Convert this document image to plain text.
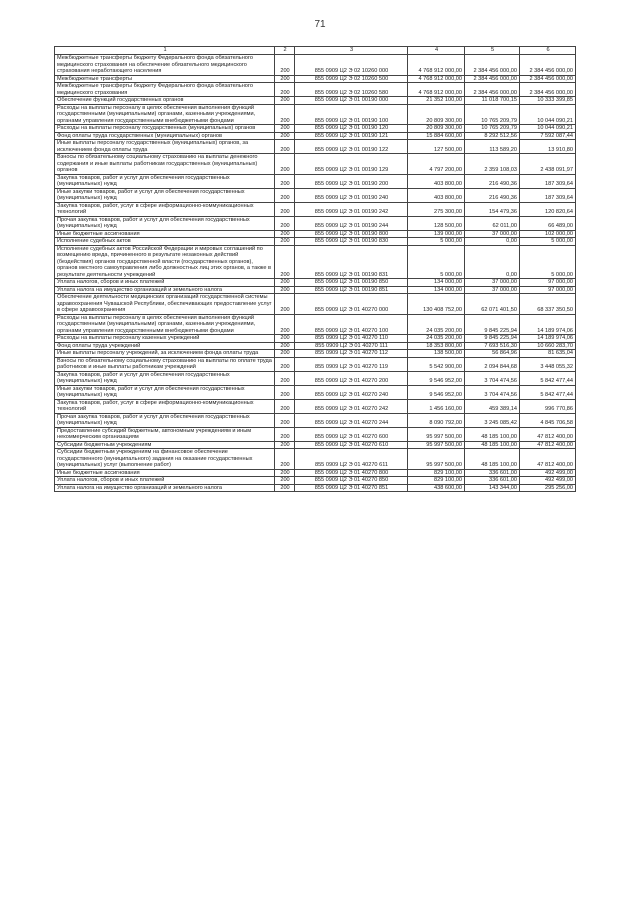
71
1	2	3	4	5	6
Межбюджетные трансферты бюджету Федерального фонда обязательного медицинского страхования на обеспечение обязательного медицинского страхования неработающего населения	200	855 0909 Ц2 Э 02 10260 000	4 768 912 000,00	2 384 456 000,00	2 384 456 000,00
Межбюджетные трансферты	200	855 0909 Ц2 Э 02 10260 500	4 768 912 000,00	2 384 456 000,00	2 384 456 000,00
Межбюджетные трансферты бюджету Федерального фонда обязательного медицинского страхования	200	855 0909 Ц2 Э 02 10260 580	4 768 912 000,00	2 384 456 000,00	2 384 456 000,00
Обеспечение функций государственных органов	200	855 0909 Ц2 Э 01 00190 000	21 352 100,00	11 018 700,15	10 333 399,85
Расходы на выплаты персоналу в целях обеспечения выполнения функций государственными (муниципальными) органами, казенными учреждениями, органами управления государственными внебюджетными фондами	200	855 0909 Ц2 Э 01 00190 100	20 809 300,00	10 765 209,79	10 044 090,21
Расходы на выплаты персоналу государственных (муниципальных) органов	200	855 0909 Ц2 Э 01 00190 120	20 809 300,00	10 765 209,79	10 044 090,21
Фонд оплаты труда государственных (муниципальных) органов	200	855 0909 Ц2 Э 01 00190 121	15 884 600,00	8 292 512,56	7 592 087,44
Иные выплаты персоналу государственных (муниципальных) органов, за исключением фонда оплаты труда	200	855 0909 Ц2 Э 01 00190 122	127 500,00	113 589,20	13 910,80
Взносы по обязательному социальному страхованию на выплаты денежного содержания и иные выплаты работникам государственных (муниципальных) органов	200	855 0909 Ц2 Э 01 00190 129	4 797 200,00	2 359 108,03	2 438 091,97
Закупка товаров, работ и услуг для обеспечения государственных (муниципальных) нужд	200	855 0909 Ц2 Э 01 00190 200	403 800,00	216 490,36	187 309,64
Иные закупки товаров, работ и услуг для обеспечения государственных (муниципальных) нужд	200	855 0909 Ц2 Э 01 00190 240	403 800,00	216 490,36	187 309,64
Закупка товаров, работ, услуг в сфере информационно-коммуникационных технологий	200	855 0909 Ц2 Э 01 00190 242	275 300,00	154 479,36	120 820,64
Прочая закупка товаров, работ и услуг для обеспечения государственных (муниципальных) нужд	200	855 0909 Ц2 Э 01 00190 244	128 500,00	62 011,00	66 489,00
Иные бюджетные ассигнования	200	855 0909 Ц2 Э 01 00190 800	139 000,00	37 000,00	102 000,00
Исполнение судебных актов	200	855 0909 Ц2 Э 01 00190 830	5 000,00	0,00	5 000,00
Исполнение судебных актов Российской Федерации и мировых соглашений по возмещению вреда, причиненного в результате незаконных действий (бездействия) органов государственной власти (государственных органов), органов местного самоуправления либо должностных лиц этих органов, а также в результате деятельности учреждений	200	855 0909 Ц2 Э 01 00190 831	5 000,00	0,00	5 000,00
Уплата налогов, сборов и иных платежей	200	855 0909 Ц2 Э 01 00190 850	134 000,00	37 000,00	97 000,00
Уплата налога на имущество организаций и земельного налога	200	855 0909 Ц2 Э 01 00190 851	134 000,00	37 000,00	97 000,00
Обеспечение деятельности медицинских организаций государственной системы здравоохранения Чувашской Республики, обеспечивающих предоставление услуг в сфере здравоохранения	200	855 0909 Ц2 Э 01 40270 000	130 408 752,00	62 071 401,50	68 337 350,50
Расходы на выплаты персоналу в целях обеспечения выполнения функций государственными (муниципальными) органами, казенными учреждениями, органами управления государственными внебюджетными фондами	200	855 0909 Ц2 Э 01 40270 100	24 035 200,00	9 845 225,94	14 189 974,06
Расходы на выплаты персоналу казенных учреждений	200	855 0909 Ц2 Э 01 40270 110	24 035 200,00	9 845 225,94	14 189 974,06
Фонд оплаты труда учреждений	200	855 0909 Ц2 Э 01 40270 111	18 353 800,00	7 693 516,30	10 660 283,70
Иные выплаты персоналу учреждений, за исключением фонда оплаты труда	200	855 0909 Ц2 Э 01 40270 112	138 500,00	56 864,96	81 635,04
Взносы по обязательному социальному страхованию на выплаты по оплате труда работников и иные выплаты работникам учреждений	200	855 0909 Ц2 Э 01 40270 119	5 542 900,00	2 094 844,68	3 448 055,32
Закупка товаров, работ и услуг для обеспечения государственных (муниципальных) нужд	200	855 0909 Ц2 Э 01 40270 200	9 546 952,00	3 704 474,56	5 842 477,44
Иные закупки товаров, работ и услуг для обеспечения государственных (муниципальных) нужд	200	855 0909 Ц2 Э 01 40270 240	9 546 952,00	3 704 474,56	5 842 477,44
Закупка товаров, работ, услуг в сфере информационно-коммуникационных технологий	200	855 0909 Ц2 Э 01 40270 242	1 456 160,00	459 389,14	996 770,86
Прочая закупка товаров, работ и услуг для обеспечения государственных (муниципальных) нужд	200	855 0909 Ц2 Э 01 40270 244	8 090 792,00	3 245 085,42	4 845 706,58
Предоставление субсидий бюджетным, автономным учреждениям и иным некоммерческим организациям	200	855 0909 Ц2 Э 01 40270 600	95 997 500,00	48 185 100,00	47 812 400,00
Субсидии бюджетным учреждениям	200	855 0909 Ц2 Э 01 40270 610	95 997 500,00	48 185 100,00	47 812 400,00
Субсидии бюджетным учреждениям на финансовое обеспечение государственного (муниципального) задания на оказание государственных (муниципальных) услуг (выполнение работ)	200	855 0909 Ц2 Э 01 40270 611	95 997 500,00	48 185 100,00	47 812 400,00
Иные бюджетные ассигнования	200	855 0909 Ц2 Э 01 40270 800	829 100,00	336 601,00	492 499,00
Уплата налогов, сборов и иных платежей	200	855 0909 Ц2 Э 01 40270 850	829 100,00	336 601,00	492 499,00
Уплата налога на имущество организаций и земельного налога	200	855 0909 Ц2 Э 01 40270 851	438 600,00	143 344,00	295 256,00
